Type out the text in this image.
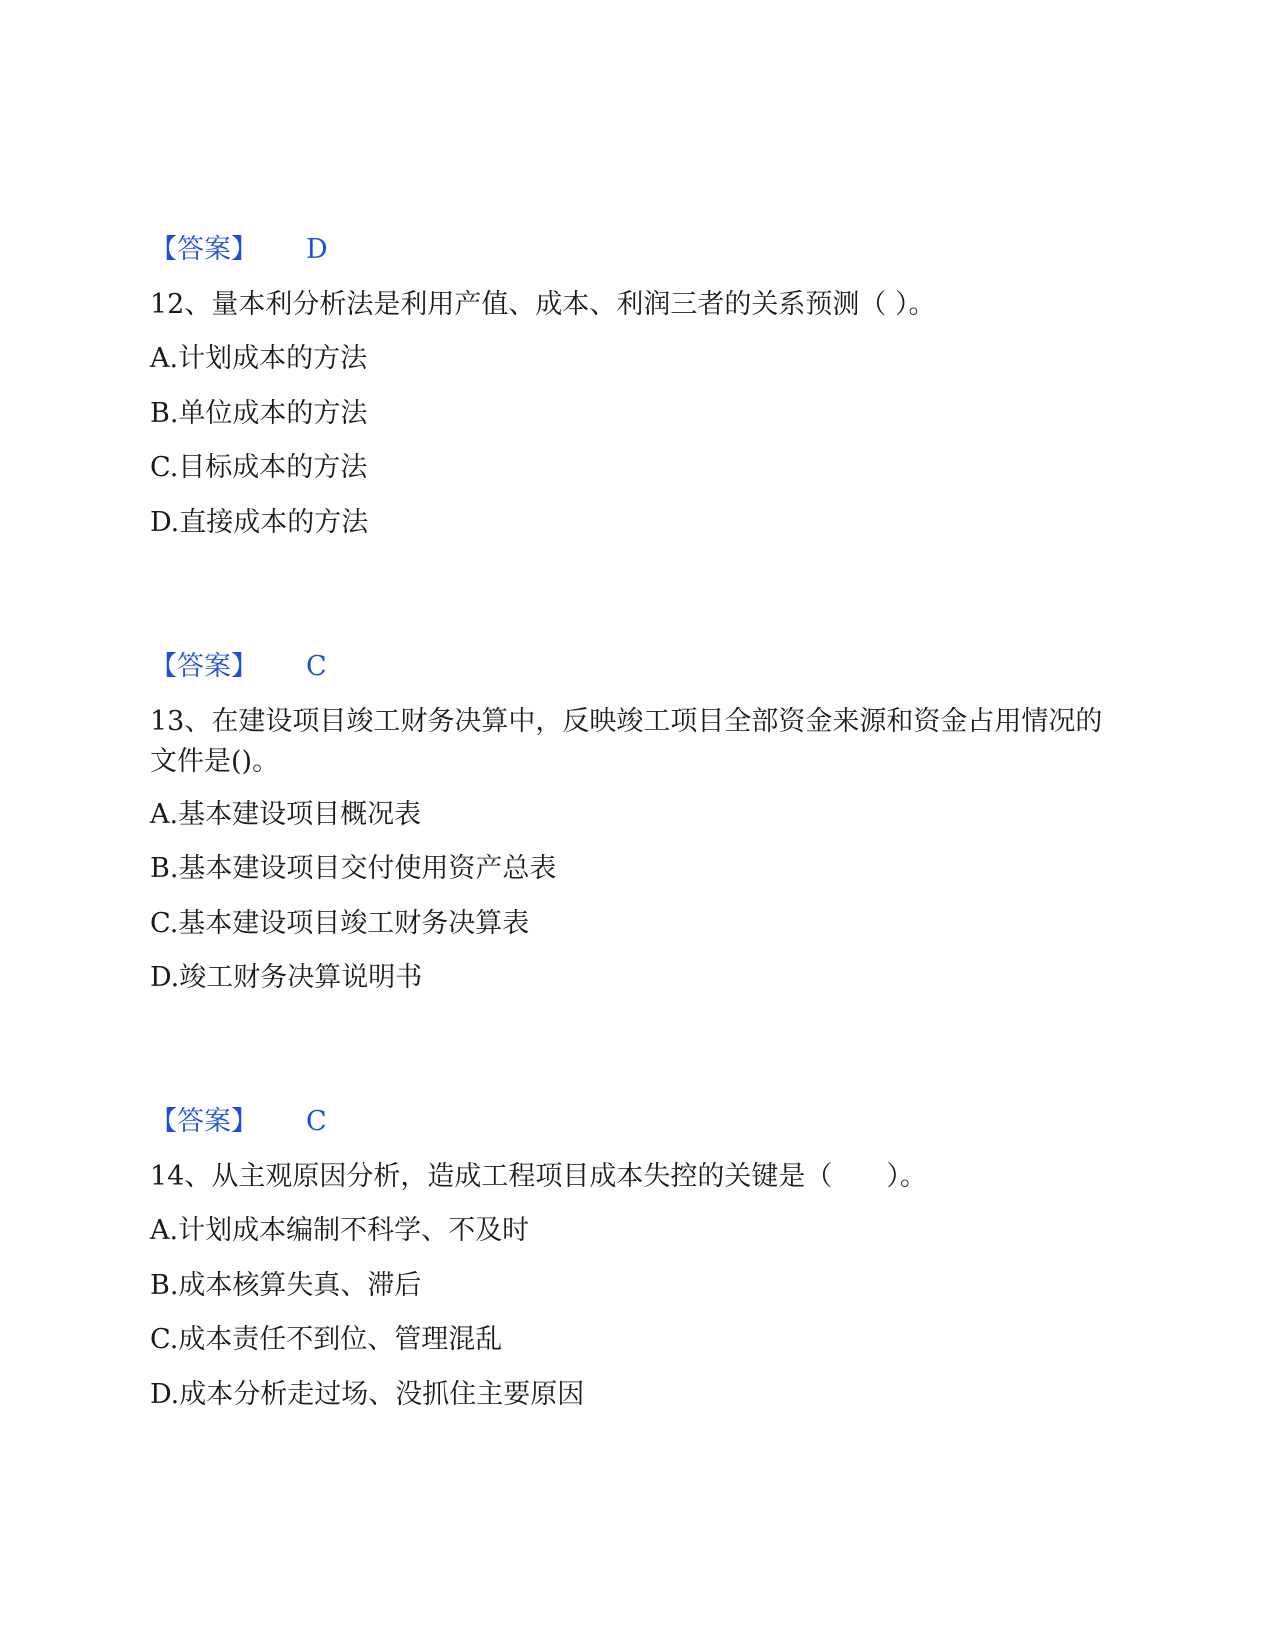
【答案】 D
12、量本利分析法是利用产值、成本、利润三者的关系预测（ ）。
A.计划成本的方法
B.单位成本的方法
C.目标成本的方法
D.直接成本的方法
【答案】 C
13、在建设项目竣工财务决算中，反映竣工项目全部资金来源和资金占用情况的文件是()。
A.基本建设项目概况表
B.基本建设项目交付使用资产总表
C.基本建设项目竣工财务决算表
D.竣工财务决算说明书
【答案】 C
14、从主观原因分析，造成工程项目成本失控的关键是（　　）。
A.计划成本编制不科学、不及时
B.成本核算失真、滞后
C.成本责任不到位、管理混乱
D.成本分析走过场、没抓住主要原因
